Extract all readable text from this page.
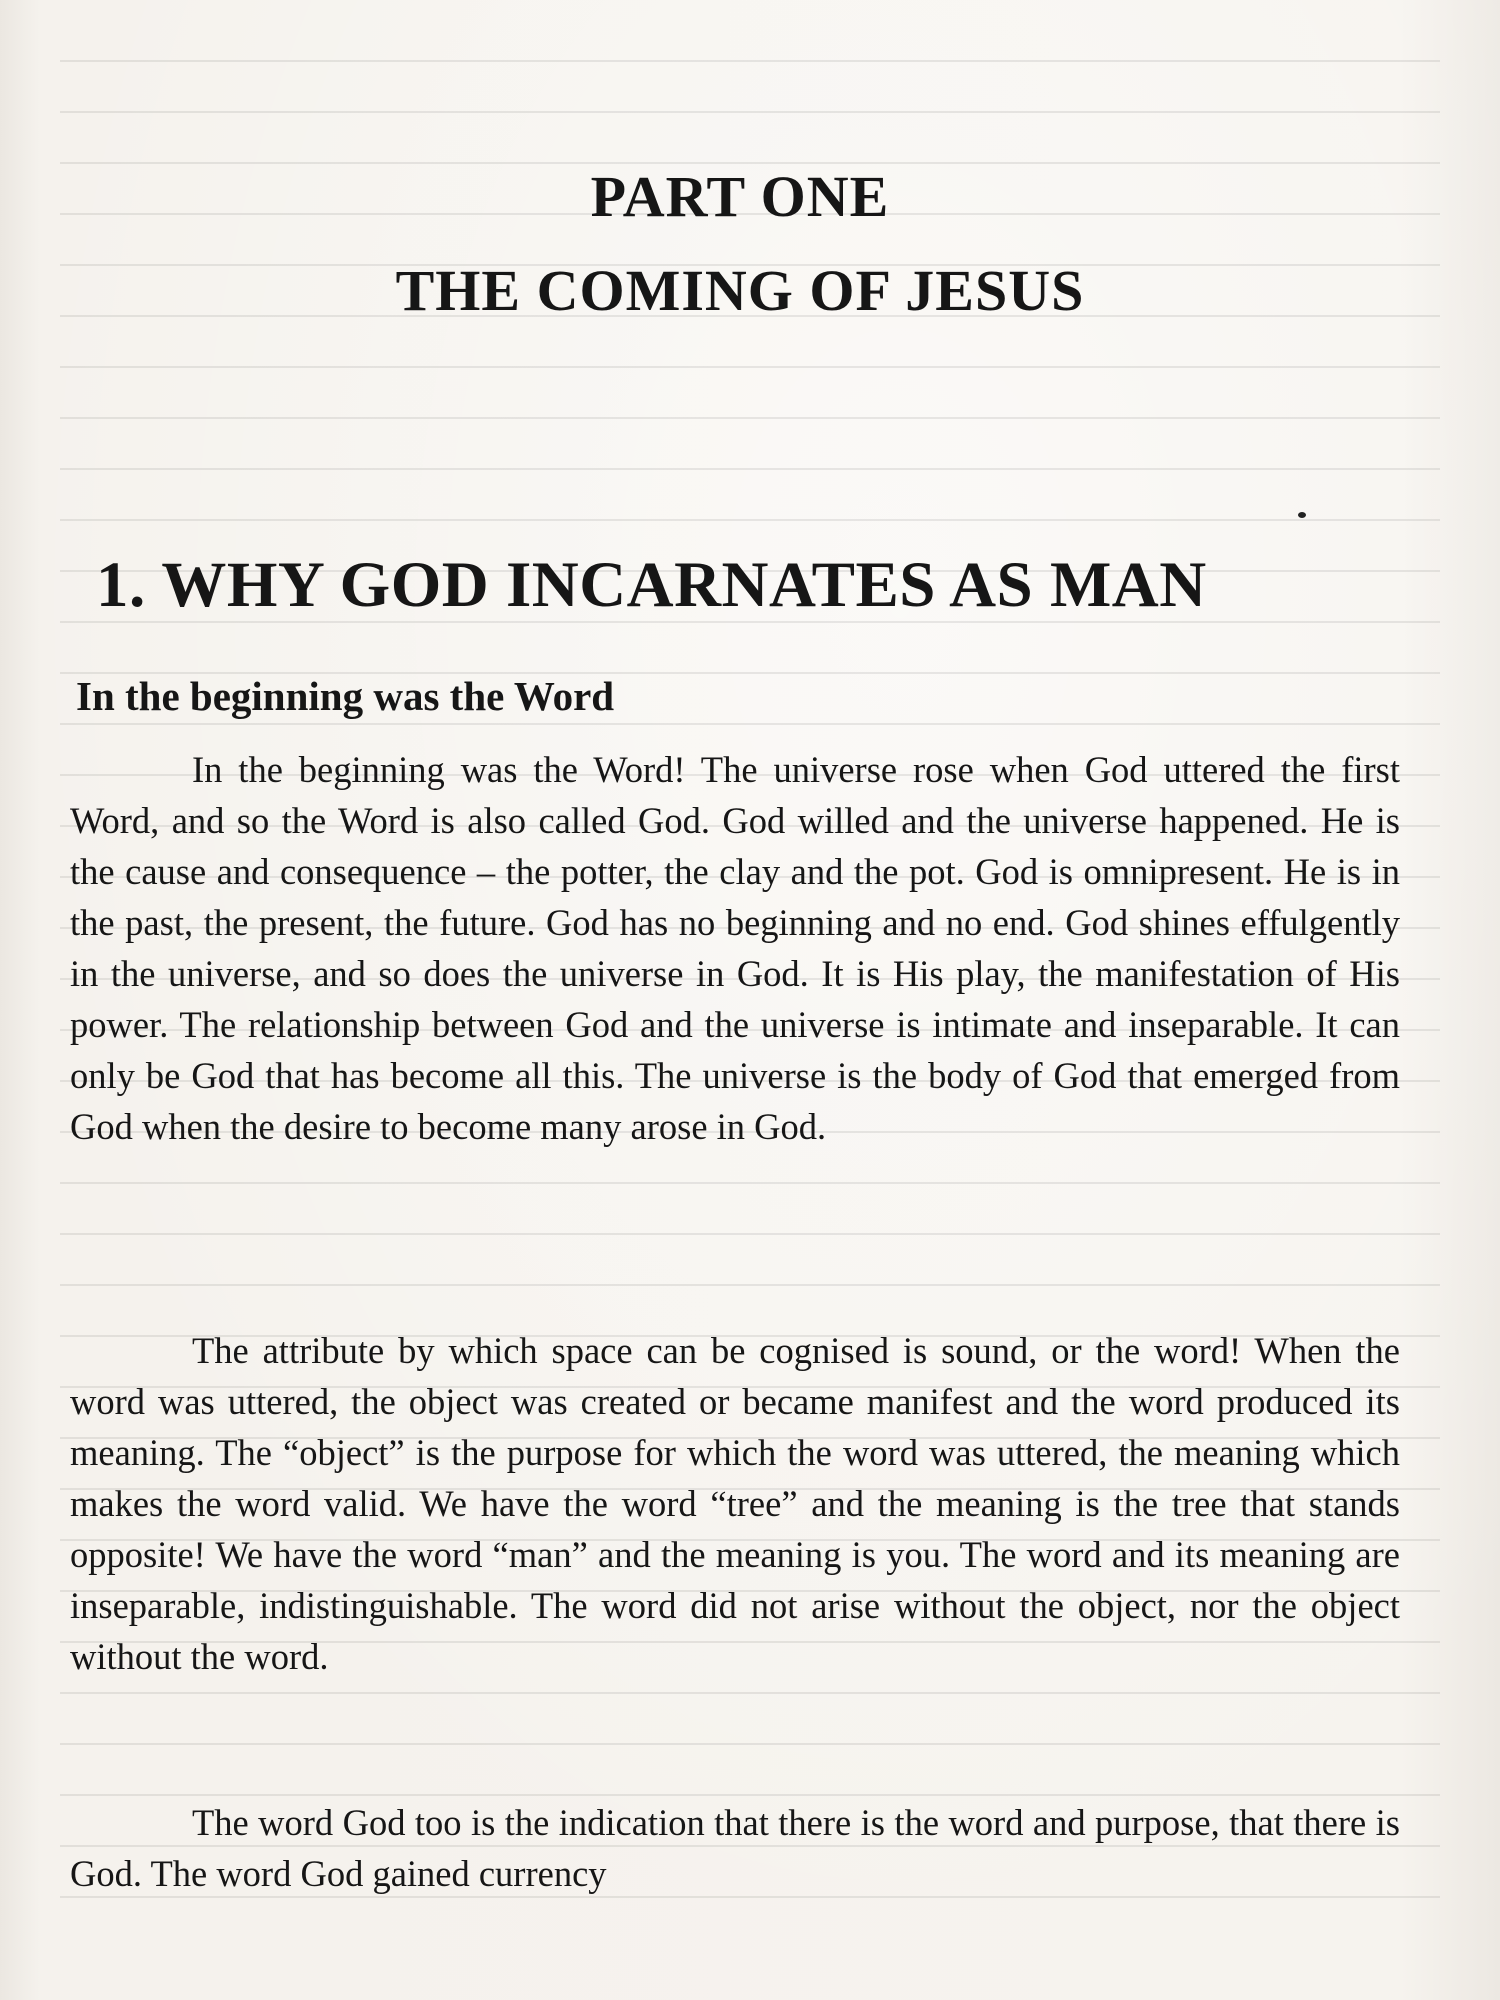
PART ONE
THE COMING OF JESUS
1. WHY GOD INCARNATES AS MAN
In the beginning was the Word

In the beginning was the Word! The universe rose when God uttered the first Word, and so the Word is also called God. God willed and the universe happened. He is the cause and consequence – the potter, the clay and the pot. God is omnipresent. He is in the past, the present, the future. God has no beginning and no end. God shines effulgently in the universe, and so does the universe in God. It is His play, the manifestation of His power. The relationship between God and the universe is intimate and inseparable. It can only be God that has become all this. The universe is the body of God that emerged from God when the desire to become many arose in God.

The attribute by which space can be cognised is sound, or the word! When the word was uttered, the object was created or became manifest and the word produced its meaning. The “object” is the purpose for which the word was uttered, the meaning which makes the word valid. We have the word “tree” and the meaning is the tree that stands opposite! We have the word “man” and the meaning is you. The word and its meaning are inseparable, indistinguishable. The word did not arise without the object, nor the object without the word.

The word God too is the indication that there is the word and purpose, that there is God. The word God gained currency
